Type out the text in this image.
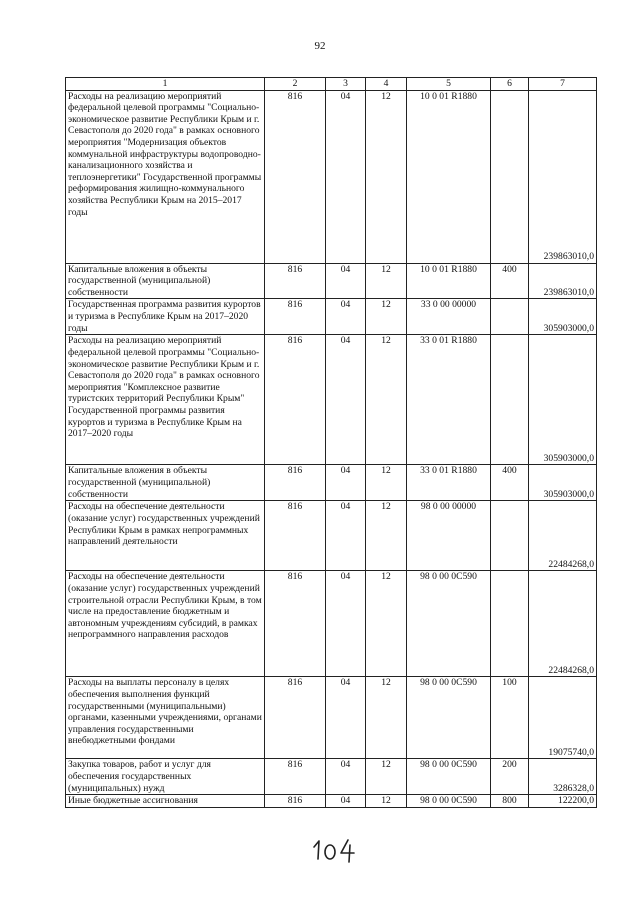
92
1	2	3	4	5	6	7
Расходы на реализацию мероприятий федеральной целевой программы "Социально-экономическое развитие Республики Крым и г. Севастополя до 2020 года" в рамках основного мероприятия "Модернизация объектов коммунальной инфраструктуры водопроводно-канализационного хозяйства и теплоэнергетики" Государственной программы реформирования жилищно-коммунального хозяйства Республики Крым на 2015–2017 годы	816	04	12	10 0 01 R1880		239863010,0
Капитальные вложения в объекты государственной (муниципальной) собственности	816	04	12	10 0 01 R1880	400	239863010,0
Государственная программа развития курортов и туризма в Республике Крым на 2017–2020 годы	816	04	12	33 0 00 00000		305903000,0
Расходы на реализацию мероприятий федеральной целевой программы "Социально-экономическое развитие Республики Крым и г. Севастополя до 2020 года" в рамках основного мероприятия "Комплексное развитие туристских территорий Республики Крым" Государственной программы развития курортов и туризма в Республике Крым на 2017–2020 годы	816	04	12	33 0 01 R1880		305903000,0
Капитальные вложения в объекты государственной (муниципальной) собственности	816	04	12	33 0 01 R1880	400	305903000,0
Расходы на обеспечение деятельности (оказание услуг) государственных учреждений Республики Крым в рамках непрограммных направлений деятельности	816	04	12	98 0 00 00000		22484268,0
Расходы на обеспечение деятельности (оказание услуг) государственных учреждений строительной отрасли Республики Крым, в том числе на предоставление бюджетным и автономным учреждениям субсидий, в рамках непрограммного направления расходов	816	04	12	98 0 00 0С590		22484268,0
Расходы на выплаты персоналу в целях обеспечения выполнения функций государственными (муниципальными) органами, казенными учреждениями, органами управления государственными внебюджетными фондами	816	04	12	98 0 00 0С590	100	19075740,0
Закупка товаров, работ и услуг для обеспечения государственных (муниципальных) нужд	816	04	12	98 0 00 0С590	200	3286328,0
Иные бюджетные ассигнования	816	04	12	98 0 00 0С590	800	122200,0
